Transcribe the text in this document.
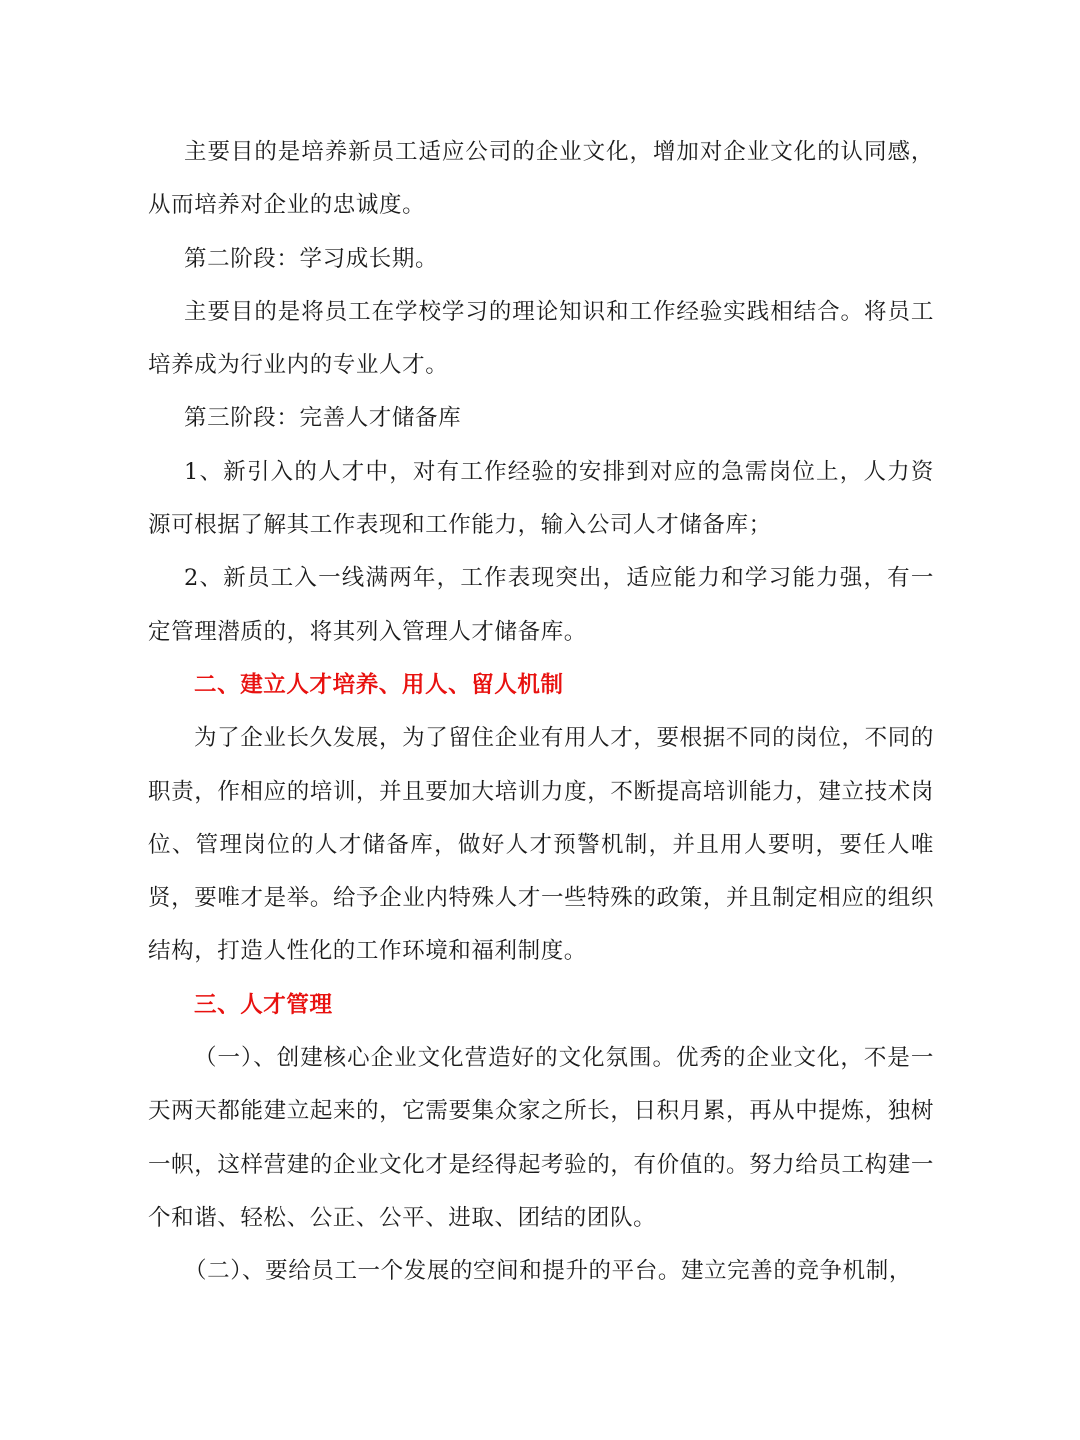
主要目的是培养新员工适应公司的企业文化，增加对企业文化的认同感，从而培养对企业的忠诚度。

第二阶段：学习成长期。

主要目的是将员工在学校学习的理论知识和工作经验实践相结合。将员工培养成为行业内的专业人才。

第三阶段：完善人才储备库

1、新引入的人才中，对有工作经验的安排到对应的急需岗位上，人力资源可根据了解其工作表现和工作能力，输入公司人才储备库；

2、新员工入一线满两年，工作表现突出，适应能力和学习能力强，有一定管理潜质的，将其列入管理人才储备库。

二、建立人才培养、用人、留人机制

为了企业长久发展，为了留住企业有用人才，要根据不同的岗位，不同的职责，作相应的培训，并且要加大培训力度，不断提高培训能力，建立技术岗位、管理岗位的人才储备库，做好人才预警机制，并且用人要明，要任人唯贤，要唯才是举。给予企业内特殊人才一些特殊的政策，并且制定相应的组织结构，打造人性化的工作环境和福利制度。

三、人才管理

（一）、创建核心企业文化营造好的文化氛围。优秀的企业文化，不是一天两天都能建立起来的，它需要集众家之所长，日积月累，再从中提炼，独树一帜，这样营建的企业文化才是经得起考验的，有价值的。努力给员工构建一个和谐、轻松、公正、公平、进取、团结的团队。

（二）、要给员工一个发展的空间和提升的平台。建立完善的竞争机制，
